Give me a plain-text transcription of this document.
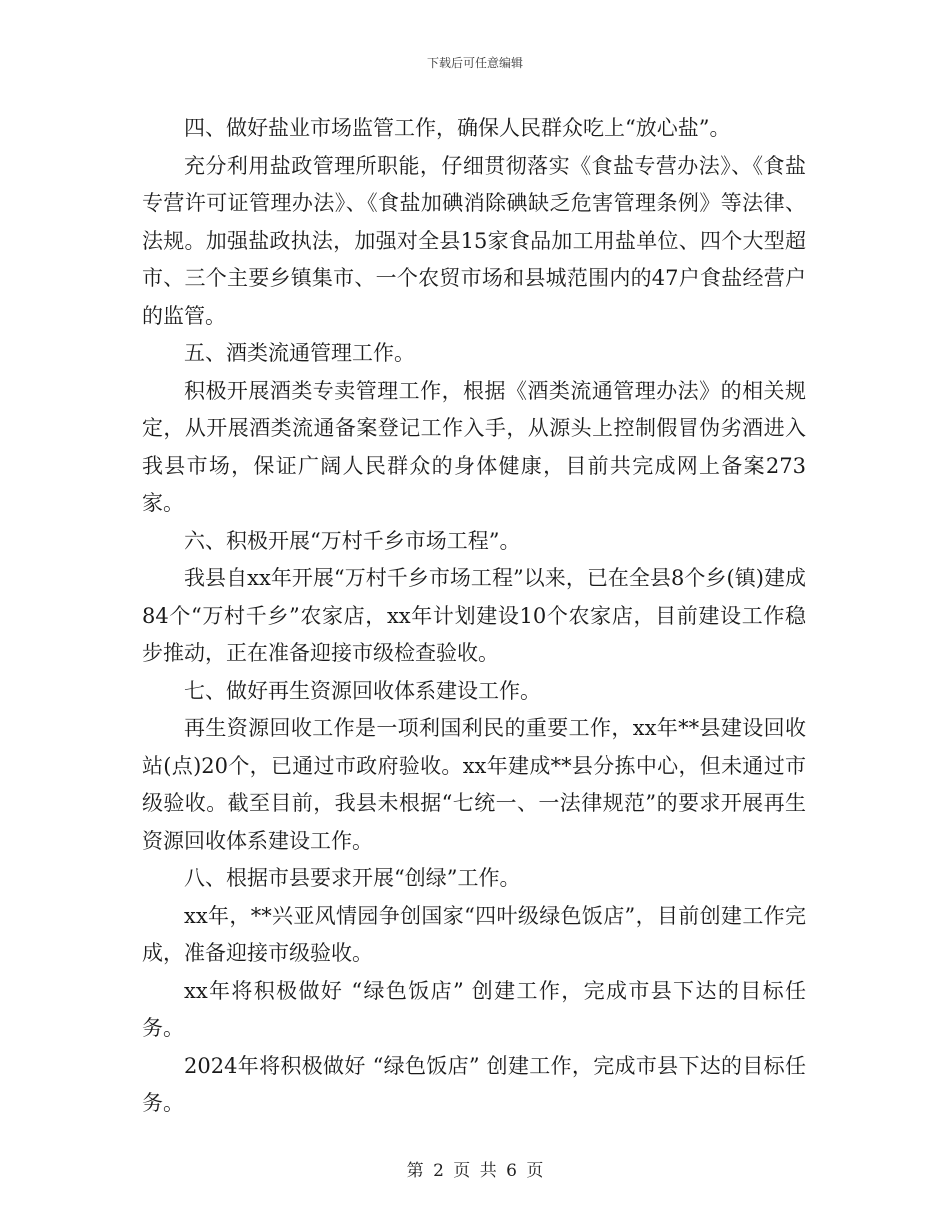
下载后可任意编辑

四、做好盐业市场监管工作，确保人民群众吃上“放心盐”。

充分利用盐政管理所职能，仔细贯彻落实《食盐专营办法》、《食盐专营许可证管理办法》、《食盐加碘消除碘缺乏危害管理条例》等法律、法规。加强盐政执法，加强对全县15家食品加工用盐单位、四个大型超市、三个主要乡镇集市、一个农贸市场和县城范围内的47户食盐经营户的监管。

五、酒类流通管理工作。

积极开展酒类专卖管理工作，根据《酒类流通管理办法》的相关规定，从开展酒类流通备案登记工作入手，从源头上控制假冒伪劣酒进入我县市场，保证广阔人民群众的身体健康，目前共完成网上备案273家。

六、积极开展“万村千乡市场工程”。

我县自xx年开展“万村千乡市场工程”以来，已在全县8个乡(镇)建成84个“万村千乡”农家店，xx年计划建设10个农家店，目前建设工作稳步推动，正在准备迎接市级检查验收。

七、做好再生资源回收体系建设工作。

再生资源回收工作是一项利国利民的重要工作，xx年**县建设回收站(点)20个，已通过市政府验收。xx年建成**县分拣中心，但未通过市级验收。截至目前，我县未根据“七统一、一法律规范”的要求开展再生资源回收体系建设工作。

八、根据市县要求开展“创绿”工作。

xx年，**兴亚风情园争创国家“四叶级绿色饭店”，目前创建工作完成，准备迎接市级验收。

xx年将积极做好 “绿色饭店” 创建工作，完成市县下达的目标任务。

2024年将积极做好 “绿色饭店” 创建工作，完成市县下达的目标任务。

第 2 页 共 6 页
